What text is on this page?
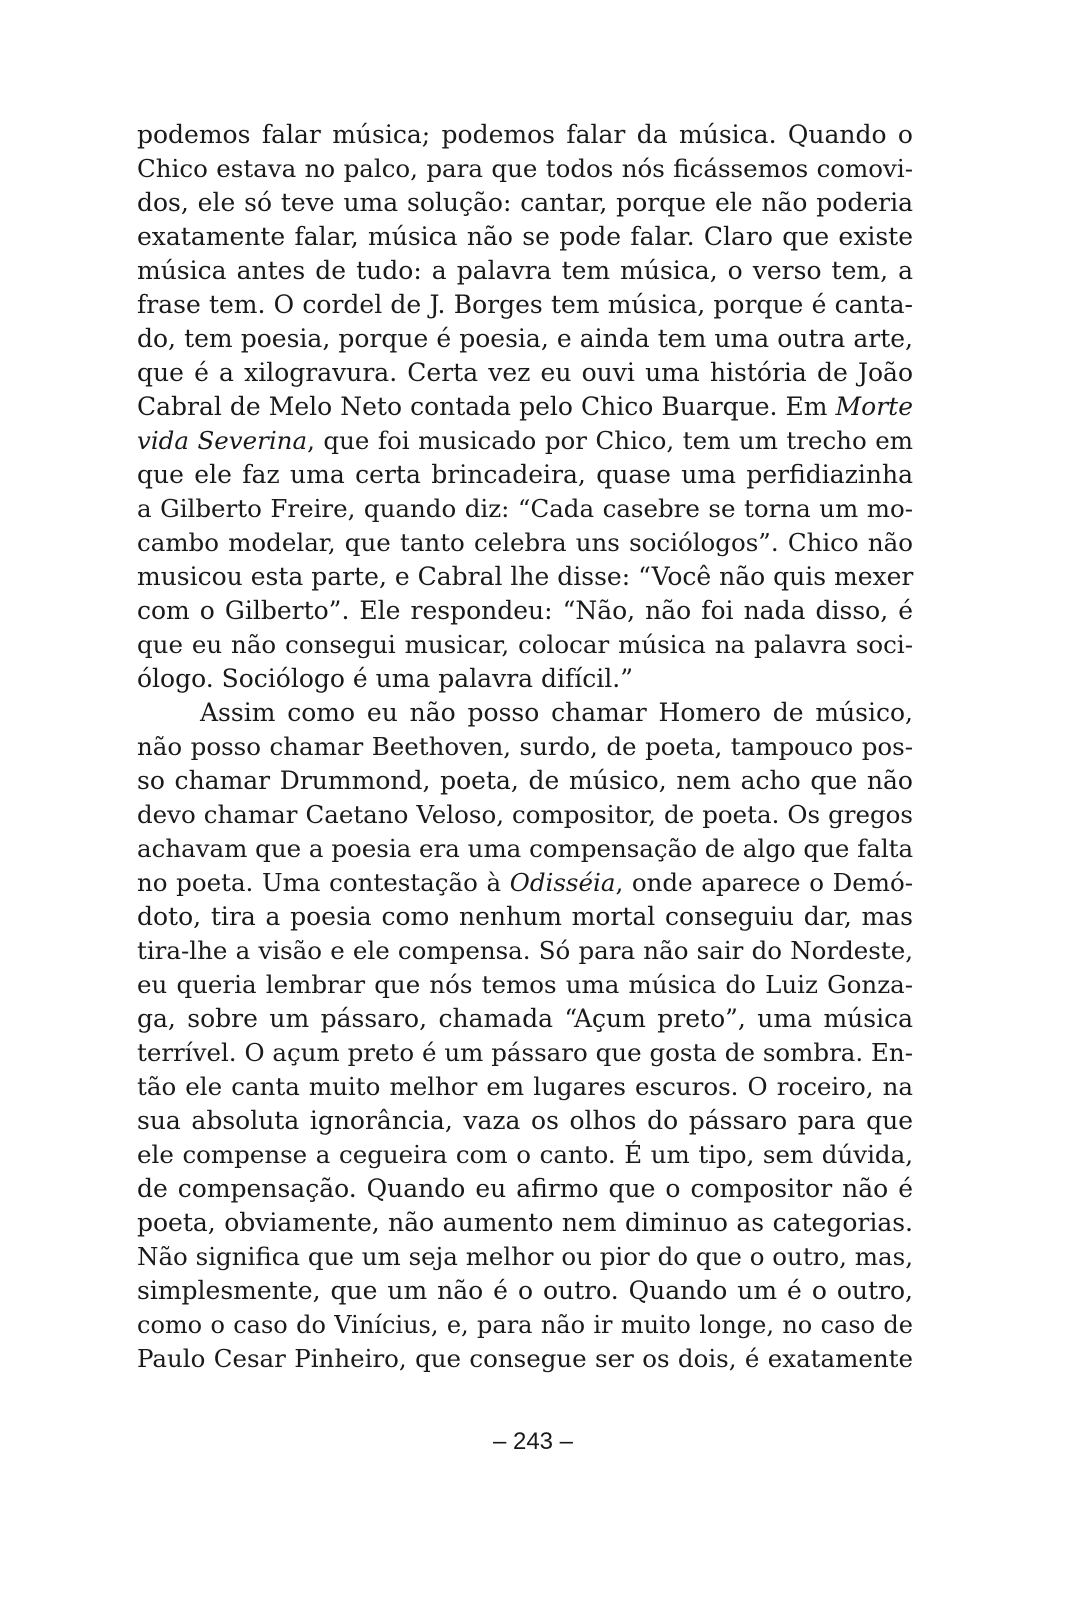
podemos falar música; podemos falar da música. Quando o
Chico estava no palco, para que todos nós ficássemos comovi-
dos, ele só teve uma solução: cantar, porque ele não poderia
exatamente falar, música não se pode falar. Claro que existe
música antes de tudo: a palavra tem música, o verso tem, a
frase tem. O cordel de J. Borges tem música, porque é canta-
do, tem poesia, porque é poesia, e ainda tem uma outra arte,
que é a xilogravura. Certa vez eu ouvi uma história de João
Cabral de Melo Neto contada pelo Chico Buarque. Em Morte
vida Severina, que foi musicado por Chico, tem um trecho em
que ele faz uma certa brincadeira, quase uma perfidiazinha
a Gilberto Freire, quando diz: “Cada casebre se torna um mo-
cambo modelar, que tanto celebra uns sociólogos”. Chico não
musicou esta parte, e Cabral lhe disse: “Você não quis mexer
com o Gilberto”. Ele respondeu: “Não, não foi nada disso, é
que eu não consegui musicar, colocar música na palavra soci-
ólogo. Sociólogo é uma palavra difícil.”
Assim como eu não posso chamar Homero de músico,
não posso chamar Beethoven, surdo, de poeta, tampouco pos-
so chamar Drummond, poeta, de músico, nem acho que não
devo chamar Caetano Veloso, compositor, de poeta. Os gregos
achavam que a poesia era uma compensação de algo que falta
no poeta. Uma contestação à Odisséia, onde aparece o Demó-
doto, tira a poesia como nenhum mortal conseguiu dar, mas
tira-lhe a visão e ele compensa. Só para não sair do Nordeste,
eu queria lembrar que nós temos uma música do Luiz Gonza-
ga, sobre um pássaro, chamada “Açum preto”, uma música
terrível. O açum preto é um pássaro que gosta de sombra. En-
tão ele canta muito melhor em lugares escuros. O roceiro, na
sua absoluta ignorância, vaza os olhos do pássaro para que
ele compense a cegueira com o canto. É um tipo, sem dúvida,
de compensação. Quando eu afirmo que o compositor não é
poeta, obviamente, não aumento nem diminuo as categorias.
Não significa que um seja melhor ou pior do que o outro, mas,
simplesmente, que um não é o outro. Quando um é o outro,
como o caso do Vinícius, e, para não ir muito longe, no caso de
Paulo Cesar Pinheiro, que consegue ser os dois, é exatamente
– 243 –
